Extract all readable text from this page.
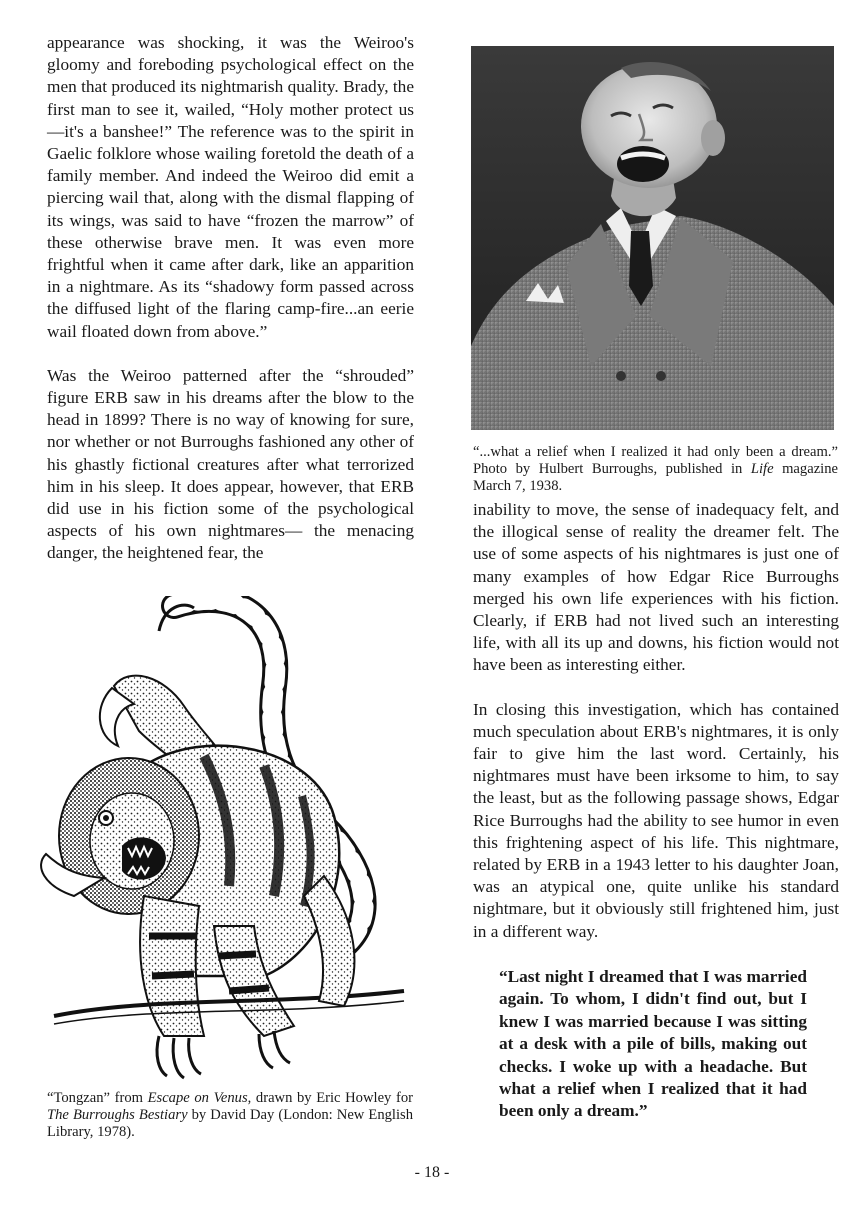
appearance was shocking, it was the Weiroo's gloomy and foreboding psychological effect on the men that produced its nightmarish quality. Brady, the first man to see it, wailed, “Holy mother protect us—it's a banshee!” The reference was to the spirit in Gaelic folklore whose wailing foretold the death of a family member. And indeed the Weiroo did emit a piercing wail that, along with the dismal flapping of its wings, was said to have “frozen the marrow” of these otherwise brave men. It was even more frightful when it came after dark, like an apparition in a nightmare. As its “shadowy form passed across the diffused light of the flaring camp-fire...an eerie wail floated down from above.”

Was the Weiroo patterned after the “shrouded” figure ERB saw in his dreams after the blow to the head in 1899? There is no way of knowing for sure, nor whether or not Burroughs fashioned any other of his ghastly fictional creatures after what terrorized him in his sleep. It does appear, however, that ERB did use in his fiction some of the psychological aspects of his own nightmares— the menacing danger, the heightened fear, the

“Tongzan” from Escape on Venus, drawn by Eric Howley for The Burroughs Bestiary by David Day (London: New English Library, 1978).

“...what a relief when I realized it had only been a dream.” Photo by Hulbert Burroughs, published in Life magazine March 7, 1938.

inability to move, the sense of inadequacy felt, and the illogical sense of reality the dreamer felt. The use of some aspects of his nightmares is just one of many examples of how Edgar Rice Burroughs merged his own life experiences with his fiction. Clearly, if ERB had not lived such an interesting life, with all its up and downs, his fiction would not have been as interesting either.

In closing this investigation, which has contained much speculation about ERB's nightmares, it is only fair to give him the last word. Certainly, his nightmares must have been irksome to him, to say the least, but as the following passage shows, Edgar Rice Burroughs had the ability to see humor in even this frightening aspect of his life. This nightmare, related by ERB in a 1943 letter to his daughter Joan, was an atypical one, quite unlike his standard nightmare, but it obviously still frightened him, just in a different way.

“Last night I dreamed that I was married again. To whom, I didn't find out, but I knew I was married because I was sitting at a desk with a pile of bills, making out checks. I woke up with a headache. But what a relief when I realized that it had been only a dream.”

- 18 -
